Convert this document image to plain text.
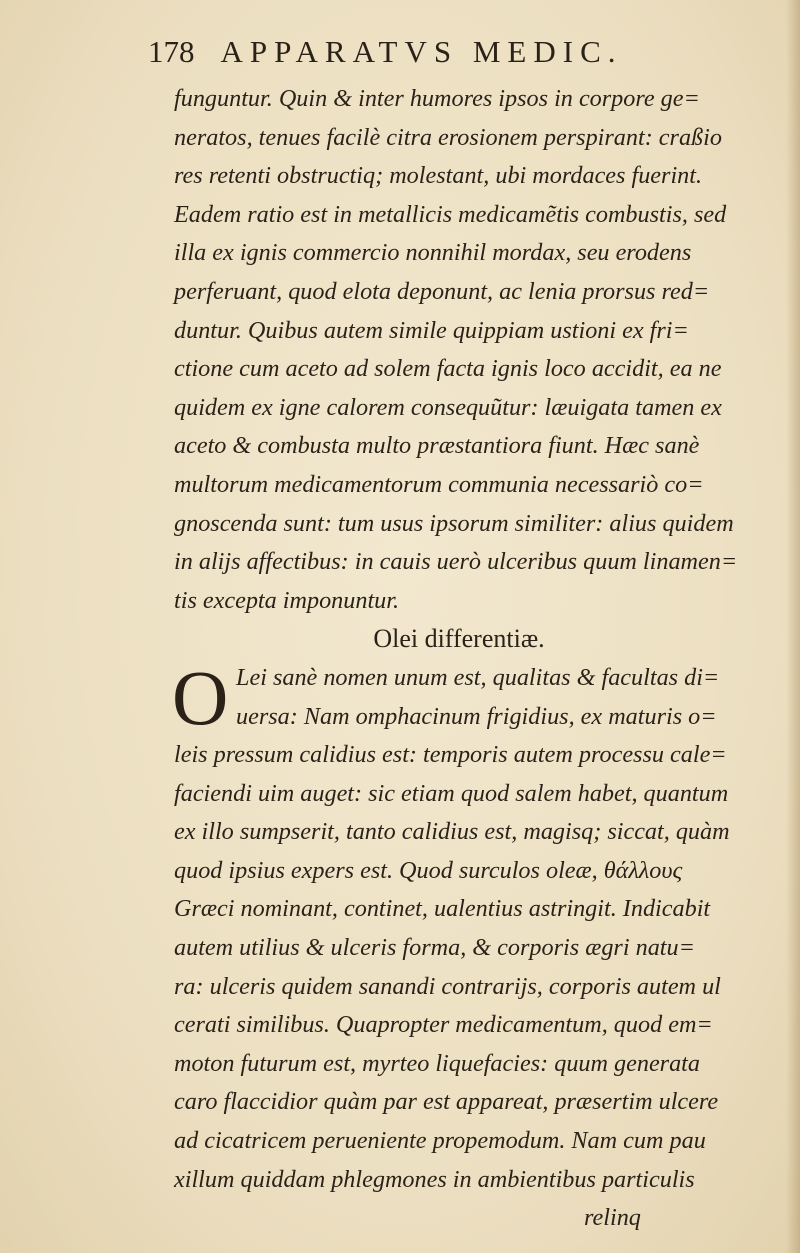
178 APPARATVS MEDIC.
funguntur. Quin & inter humores ipsos in corpore ge=
neratos, tenues facilè citra erosionem perspirant: craßio
res retenti obstructiq; molestant, ubi mordaces fuerint.
Eadem ratio est in metallicis medicamẽtis combustis, sed
illa ex ignis commercio nonnihil mordax, seu erodens
perferuant, quod elota deponunt, ac lenia prorsus red=
duntur. Quibus autem simile quippiam ustioni ex fri=
ctione cum aceto ad solem facta ignis loco accidit, ea ne
quidem ex igne calorem consequũtur: læuigata tamen ex
aceto & combusta multo præstantiora fiunt. Hæc sanè
multorum medicamentorum communia necessariò co=
gnoscenda sunt: tum usus ipsorum similiter: alius quidem
in alijs affectibus: in cauis uerò ulceribus quum linamen=
tis excepta imponuntur.
Olei differentiæ.
O Lei sanè nomen unum est, qualitas & facultas di=
uersa: Nam omphacinum frigidius, ex maturis o=
leis pressum calidius est: temporis autem processu cale=
faciendi uim auget: sic etiam quod salem habet, quantum
ex illo sumpserit, tanto calidius est, magisq; siccat, quàm
quod ipsius expers est. Quod surculos oleæ, θάλλους
Græci nominant, continet, ualentius astringit. Indicabit
autem utilius & ulceris forma, & corporis ægri natu=
ra: ulceris quidem sanandi contrarijs, corporis autem ul
cerati similibus. Quapropter medicamentum, quod em=
moton futurum est, myrteo liquefacies: quum generata
caro flaccidior quàm par est appareat, præsertim ulcere
ad cicatricem perueniente propemodum. Nam cum pau
xillum quiddam phlegmones in ambientibus particulis
relinq
